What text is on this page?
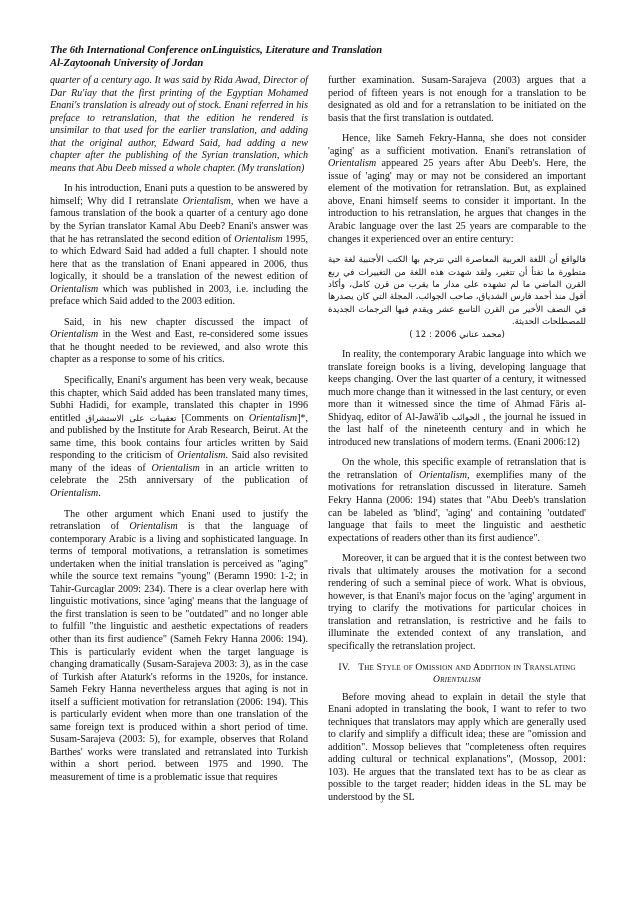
The 6th International Conference onLinguistics, Literature and Translation
Al-Zaytoonah University of Jordan

quarter of a century ago. It was said by Rida Awad, Director of Dar Ru'iay that the first printing of the Egyptian Mohamed Enani's translation is already out of stock. Enani referred in his preface to retranslation, that the edition he rendered is unsimilar to that used for the earlier translation, and adding that the original author, Edward Said, had adding a new chapter after the publishing of the Syrian translation, which means that Abu Deeb missed a whole chapter. (My translation)

In his introduction, Enani puts a question to be answered by himself; Why did I retranslate Orientalism, when we have a famous translation of the book a quarter of a century ago done by the Syrian translator Kamal Abu Deeb? Enani's answer was that he has retranslated the second edition of Orientalism 1995, to which Edward Said had added a full chapter. I should note here that as the translation of Enani appeared in 2006, thus logically, it should be a translation of the newest edition of Orientalism which was published in 2003, i.e. including the preface which Said added to the 2003 edition.

Said, in his new chapter discussed the impact of Orientalism in the West and East, re-considered some issues that he thought needed to be reviewed, and also wrote this chapter as a response to some of his critics.

Specifically, Enani's argument has been very weak, because this chapter, which Said added has been translated many times, Subhi Hadidi, for example, translated this chapter in 1996 entitled تعقيبات على الاستشراق [Comments on Orientalism]*, and published by the Institute for Arab Research, Beirut. At the same time, this book contains four articles written by Said responding to the criticism of Orientalism. Said also revisited many of the ideas of Orientalism in an article written to celebrate the 25th anniversary of the publication of Orientalism.

The other argument which Enani used to justify the retranslation of Orientalism is that the language of contemporary Arabic is a living and sophisticated language. In terms of temporal motivations, a retranslation is sometimes undertaken when the initial translation is perceived as "aging" while the source text remains "young" (Beramn 1990: 1-2; in Tahir-Gurcaglar 2009: 234). There is a clear overlap here with linguistic motivations, since 'aging' means that the language of the first translation is seen to be "outdated" and no longer able to fulfill "the linguistic and aesthetic expectations of readers other than its first audience" (Sameh Fekry Hanna 2006: 194). This is particularly evident when the target language is changing dramatically (Susam-Sarajeva 2003: 3), as in the case of Turkish after Ataturk's reforms in the 1920s, for instance. Sameh Fekry Hanna nevertheless argues that aging is not in itself a sufficient motivation for retranslation (2006: 194). This is particularly evident when more than one translation of the same foreign text is produced within a short period of time. Susam-Sarajeva (2003: 5), for example, observes that Roland Barthes' works were translated and retranslated into Turkish within a short period. between 1975 and 1990. The measurement of time is a problematic issue that requires

further examination. Susam-Sarajeva (2003) argues that a period of fifteen years is not enough for a translation to be designated as old and for a retranslation to be initiated on the basis that the first translation is outdated.

Hence, like Sameh Fekry-Hanna, she does not consider 'aging' as a sufficient motivation. Enani's retranslation of Orientalism appeared 25 years after Abu Deeb's. Here, the issue of 'aging' may or may not be considered an important element of the motivation for retranslation. But, as explained above, Enani himself seems to consider it important. In the introduction to his retranslation, he argues that changes in the Arabic language over the last 25 years are comparable to the changes it experienced over an entire century:

فالواقع أن اللغة العربية المعاصرة التي نترجم بها الكتب الأجنبية لغة حية متطورة ما تفتأ أن تتغير، ولقد شهدت هذه اللغة من التغييرات في ربع القرن الماضي ما لم تشهده على مدار ما يقرب من قرن كامل، وأكاد أقول منذ أحمد فارس الشدياق، صاحب الجوائب، المجلة التي كان يصدرها في النصف الأخير من القرن التاسع عشر ويقدم فيها الترجمات الجديدة للمصطلحات الحديثة.
(محمد عناني 2006 : 12 )

In reality, the contemporary Arabic language into which we translate foreign books is a living, developing language that keeps changing. Over the last quarter of a century, it witnessed much more change than it witnessed in the last century, or even more than it witnessed since the time of Ahmad Fāris al-Shidyaq, editor of Al-Jawā'ib الجوائب , the journal he issued in the last half of the nineteenth century and in which he introduced new translations of modern terms. (Enani 2006:12)

On the whole, this specific example of retranslation that is the retranslation of Orientalism, exemplifies many of the motivations for retranslation discussed in literature. Sameh Fekry Hanna (2006: 194) states that "Abu Deeb's translation can be labeled as 'blind', 'aging' and containing 'outdated' language that fails to meet the linguistic and aesthetic expectations of readers other than its first audience".

Moreover, it can be argued that it is the contest between two rivals that ultimately arouses the motivation for a second rendering of such a seminal piece of work. What is obvious, however, is that Enani's major focus on the 'aging' argument in trying to clarify the motivations for particular choices in translation and retranslation, is restrictive and he fails to illuminate the extended context of any translation, and specifically the retranslation project.

IV. The Style of Omission and Addition in Translating Orientalism

Before moving ahead to explain in detail the style that Enani adopted in translating the book, I want to refer to two techniques that translators may apply which are generally used to clarify and simplify a difficult idea; these are "omission and addition". Mossop believes that "completeness often requires adding cultural or technical explanations", (Mossop, 2001: 103). He argues that the translated text has to be as clear as possible to the target reader; hidden ideas in the SL may be understood by the SL
